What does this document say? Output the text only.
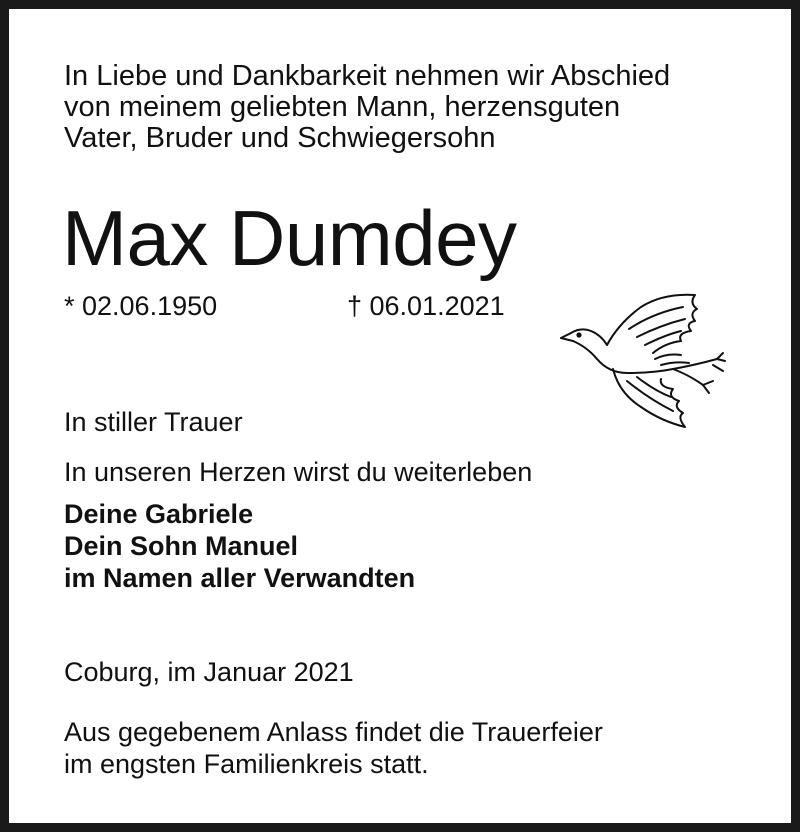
In Liebe und Dankbarkeit nehmen wir Abschied
von meinem geliebten Mann, herzensguten
Vater, Bruder und Schwiegersohn
Max Dumdey
* 02.06.1950	† 06.01.2021
In stiller Trauer
In unseren Herzen wirst du weiterleben
Deine Gabriele
Dein Sohn Manuel
im Namen aller Verwandten
Coburg, im Januar 2021
Aus gegebenem Anlass findet die Trauerfeier
im engsten Familienkreis statt.
